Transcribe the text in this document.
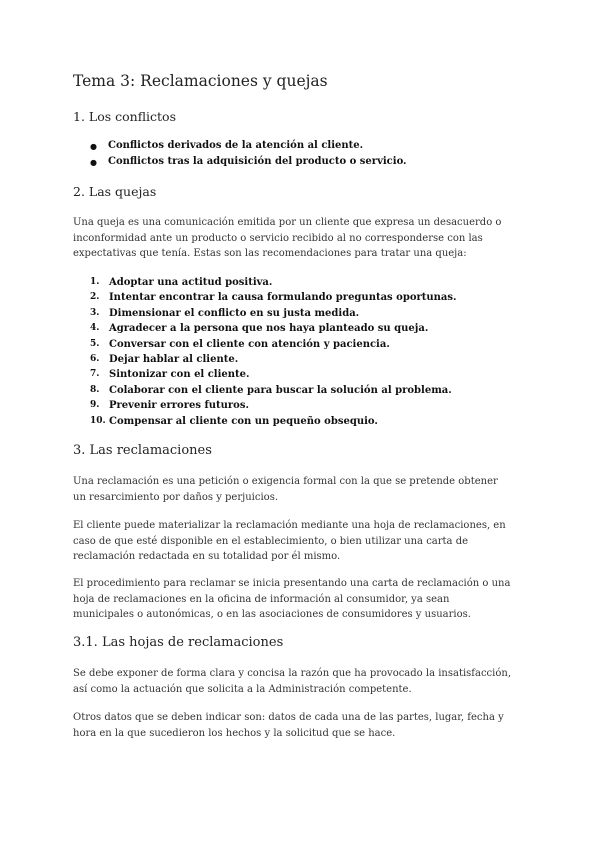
Tema 3: Reclamaciones y quejas
1. Los conflictos
● Conflictos derivados de la atención al cliente.
● Conflictos tras la adquisición del producto o servicio.
2. Las quejas
Una queja es una comunicación emitida por un cliente que expresa un desacuerdo o inconformidad ante un producto o servicio recibido al no corresponderse con las expectativas que tenía. Estas son las recomendaciones para tratar una queja:
1. Adoptar una actitud positiva.
2. Intentar encontrar la causa formulando preguntas oportunas.
3. Dimensionar el conflicto en su justa medida.
4. Agradecer a la persona que nos haya planteado su queja.
5. Conversar con el cliente con atención y paciencia.
6. Dejar hablar al cliente.
7. Sintonizar con el cliente.
8. Colaborar con el cliente para buscar la solución al problema.
9. Prevenir errores futuros.
10. Compensar al cliente con un pequeño obsequio.
3. Las reclamaciones
Una reclamación es una petición o exigencia formal con la que se pretende obtener un resarcimiento por daños y perjuicios.
El cliente puede materializar la reclamación mediante una hoja de reclamaciones, en caso de que esté disponible en el establecimiento, o bien utilizar una carta de reclamación redactada en su totalidad por él mismo.
El procedimiento para reclamar se inicia presentando una carta de reclamación o una hoja de reclamaciones en la oficina de información al consumidor, ya sean municipales o autonómicas, o en las asociaciones de consumidores y usuarios.
3.1. Las hojas de reclamaciones
Se debe exponer de forma clara y concisa la razón que ha provocado la insatisfacción, así como la actuación que solicita a la Administración competente.
Otros datos que se deben indicar son: datos de cada una de las partes, lugar, fecha y hora en la que sucedieron los hechos y la solicitud que se hace.
